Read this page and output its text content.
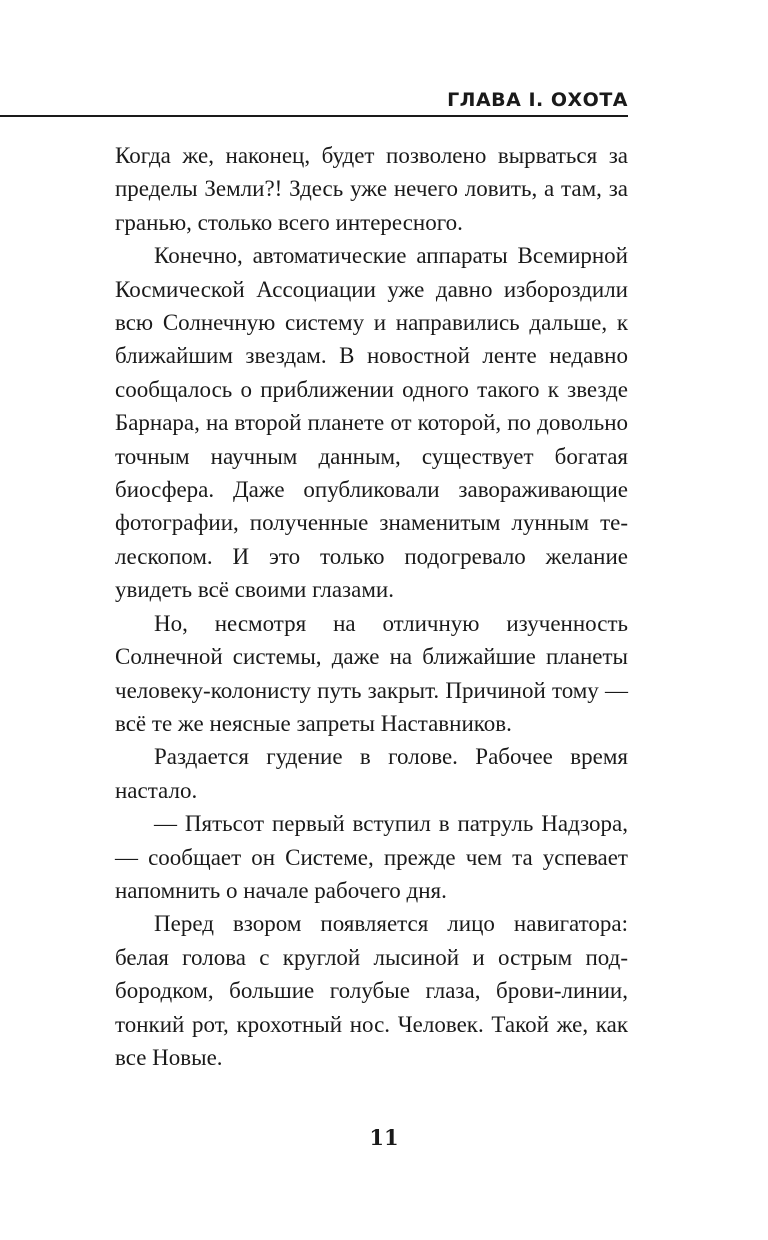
ГЛАВА I. ОХОТА

Когда же, наконец, будет позволено вырваться за пределы Земли?! Здесь уже нечего ловить, а там, за гранью, столько всего интересного.

Конечно, автоматические аппараты Всемирной Космической Ассоциации уже давно избороздили всю Солнечную систему и направились дальше, к ближайшим звездам. В новостной ленте недавно сообщалось о приближении одного такого к звезде Барнара, на второй планете от которой, по довольно точным научным данным, существует богатая биосфера. Даже опубликовали завораживающие фотографии, полученные знаменитым лунным телескопом. И это только подогревало желание увидеть всё своими глазами.

Но, несмотря на отличную изученность Солнечной системы, даже на ближайшие планеты человеку-колонисту путь закрыт. Причиной тому — всё те же неясные запреты Наставников.

Раздается гудение в голове. Рабочее время настало.

— Пятьсот первый вступил в патруль Надзора, — сообщает он Системе, прежде чем та успевает напомнить о начале рабочего дня.

Перед взором появляется лицо навигатора: белая голова с круглой лысиной и острым подбородком, большие голубые глаза, брови-линии, тонкий рот, крохотный нос. Человек. Такой же, как все Новые.

11
